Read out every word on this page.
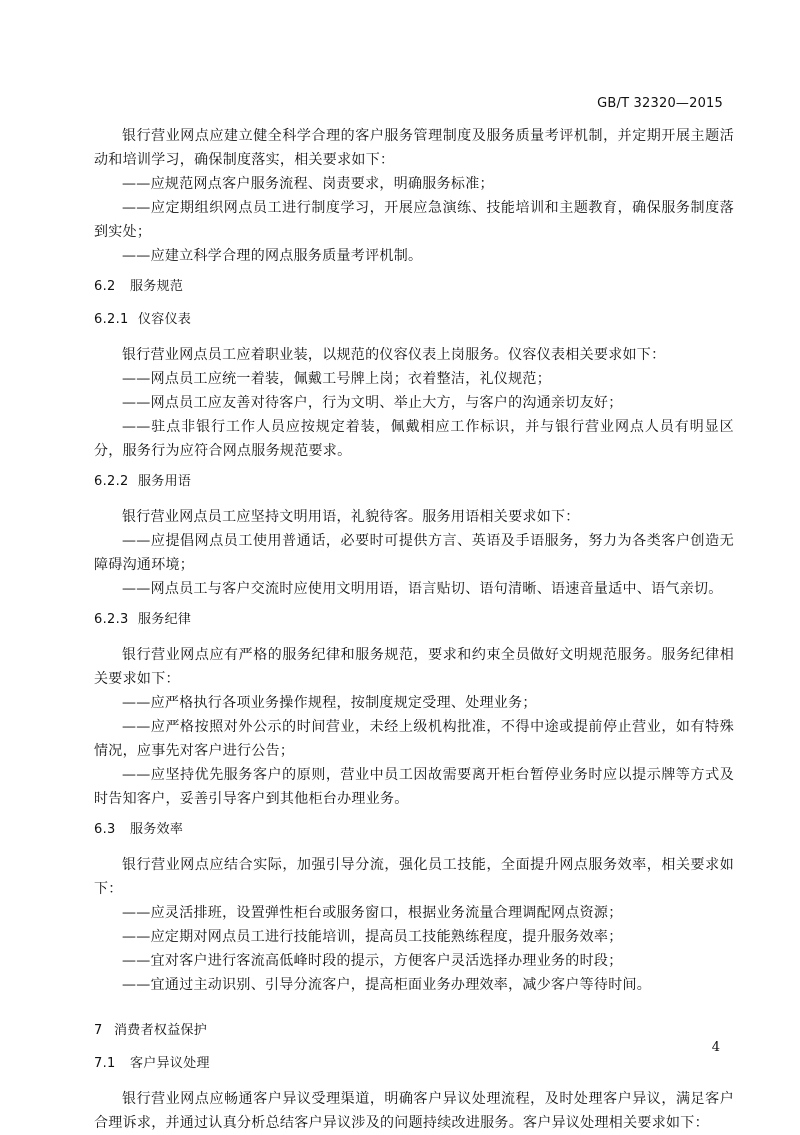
GB/T 32320—2015

银行营业网点应建立健全科学合理的客户服务管理制度及服务质量考评机制，并定期开展主题活动和培训学习，确保制度落实，相关要求如下：

——应规范网点客户服务流程、岗责要求，明确服务标准；

——应定期组织网点员工进行制度学习，开展应急演练、技能培训和主题教育，确保服务制度落到实处；

——应建立科学合理的网点服务质量考评机制。

6.2 服务规范
6.2.1 仪容仪表

银行营业网点员工应着职业装，以规范的仪容仪表上岗服务。仪容仪表相关要求如下：

——网点员工应统一着装，佩戴工号牌上岗；衣着整洁，礼仪规范；

——网点员工应友善对待客户，行为文明、举止大方，与客户的沟通亲切友好；

——驻点非银行工作人员应按规定着装，佩戴相应工作标识，并与银行营业网点人员有明显区分，服务行为应符合网点服务规范要求。

6.2.2 服务用语

银行营业网点员工应坚持文明用语，礼貌待客。服务用语相关要求如下：

——应提倡网点员工使用普通话，必要时可提供方言、英语及手语服务，努力为各类客户创造无障碍沟通环境；

——网点员工与客户交流时应使用文明用语，语言贴切、语句清晰、语速音量适中、语气亲切。

6.2.3 服务纪律

银行营业网点应有严格的服务纪律和服务规范，要求和约束全员做好文明规范服务。服务纪律相关要求如下：

——应严格执行各项业务操作规程，按制度规定受理、处理业务；

——应严格按照对外公示的时间营业，未经上级机构批准，不得中途或提前停止营业，如有特殊情况，应事先对客户进行公告；

——应坚持优先服务客户的原则，营业中员工因故需要离开柜台暂停业务时应以提示牌等方式及时告知客户，妥善引导客户到其他柜台办理业务。

6.3 服务效率

银行营业网点应结合实际，加强引导分流，强化员工技能，全面提升网点服务效率，相关要求如下：

——应灵活排班，设置弹性柜台或服务窗口，根据业务流量合理调配网点资源；

——应定期对网点员工进行技能培训，提高员工技能熟练程度，提升服务效率；

——宜对客户进行客流高低峰时段的提示，方便客户灵活选择办理业务的时段；

——宜通过主动识别、引导分流客户，提高柜面业务办理效率，减少客户等待时间。

7 消费者权益保护
7.1 客户异议处理

银行营业网点应畅通客户异议受理渠道，明确客户异议处理流程，及时处理客户异议，满足客户合理诉求，并通过认真分析总结客户异议涉及的问题持续改进服务。客户异议处理相关要求如下：

4
